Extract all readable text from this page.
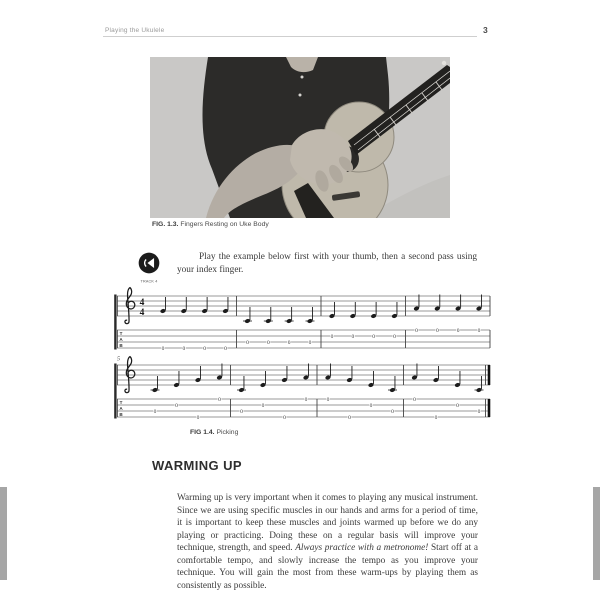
Playing the Ukulele	3
FIG. 1.3. Fingers Resting on Uke Body

Play the example below first with your thumb, then a second pass using your index finger.

TRACK 4
T
A
B
4
4
0	0	0	0
0	0	0	0
0	0	0	0
0	0	0	0
T
A
B
5
0
0
0
0
0
0
0
0	0
0
0
0
0
0
0
0
FIG 1.4. Picking
WARMING UP

Warming up is very important when it comes to playing any musical instrument. Since we are using specific muscles in our hands and arms for a period of time, it is important to keep these muscles and joints warmed up before we do any playing or practicing. Doing these on a regular basis will improve your technique, strength, and speed. Always practice with a metronome! Start off at a comfortable tempo, and slowly increase the tempo as you improve your technique. You will gain the most from these warm-ups by playing them as consistently as possible.
